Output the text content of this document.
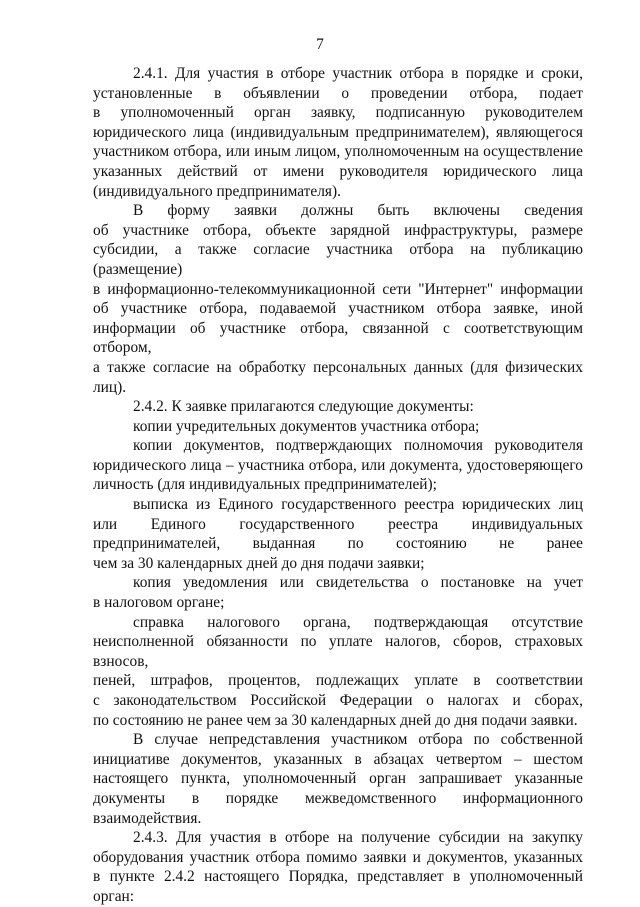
7
2.4.1. Для участия в отборе участник отбора в порядке и сроки,
установленные в объявлении о проведении отбора, подает
в уполномоченный орган заявку, подписанную руководителем
юридического лица (индивидуальным предпринимателем), являющегося
участником отбора, или иным лицом, уполномоченным на осуществление
указанных действий от имени руководителя юридического лица
(индивидуального предпринимателя).
В форму заявки должны быть включены сведения
об участнике отбора, объекте зарядной инфраструктуры, размере
субсидии, а также согласие участника отбора на публикацию (размещение)
в информационно-телекоммуникационной сети "Интернет" информации
об участнике отбора, подаваемой участником отбора заявке, иной
информации об участнике отбора, связанной с соответствующим отбором,
а также согласие на обработку персональных данных (для физических
лиц).
2.4.2. К заявке прилагаются следующие документы:
копии учредительных документов участника отбора;
копии документов, подтверждающих полномочия руководителя
юридического лица – участника отбора, или документа, удостоверяющего
личность (для индивидуальных предпринимателей);
выписка из Единого государственного реестра юридических лиц
или Единого государственного реестра индивидуальных
предпринимателей, выданная по состоянию не ранее
чем за 30 календарных дней до дня подачи заявки;
копия уведомления или свидетельства о постановке на учет
в налоговом органе;
справка налогового органа, подтверждающая отсутствие
неисполненной обязанности по уплате налогов, сборов, страховых взносов,
пеней, штрафов, процентов, подлежащих уплате в соответствии
с законодательством Российской Федерации о налогах и сборах,
по состоянию не ранее чем за 30 календарных дней до дня подачи заявки.
В случае непредставления участником отбора по собственной
инициативе документов, указанных в абзацах четвертом – шестом
настоящего пункта, уполномоченный орган запрашивает указанные
документы в порядке межведомственного информационного
взаимодействия.
2.4.3. Для участия в отборе на получение субсидии на закупку
оборудования участник отбора помимо заявки и документов, указанных
в пункте 2.4.2 настоящего Порядка, представляет в уполномоченный
орган:
